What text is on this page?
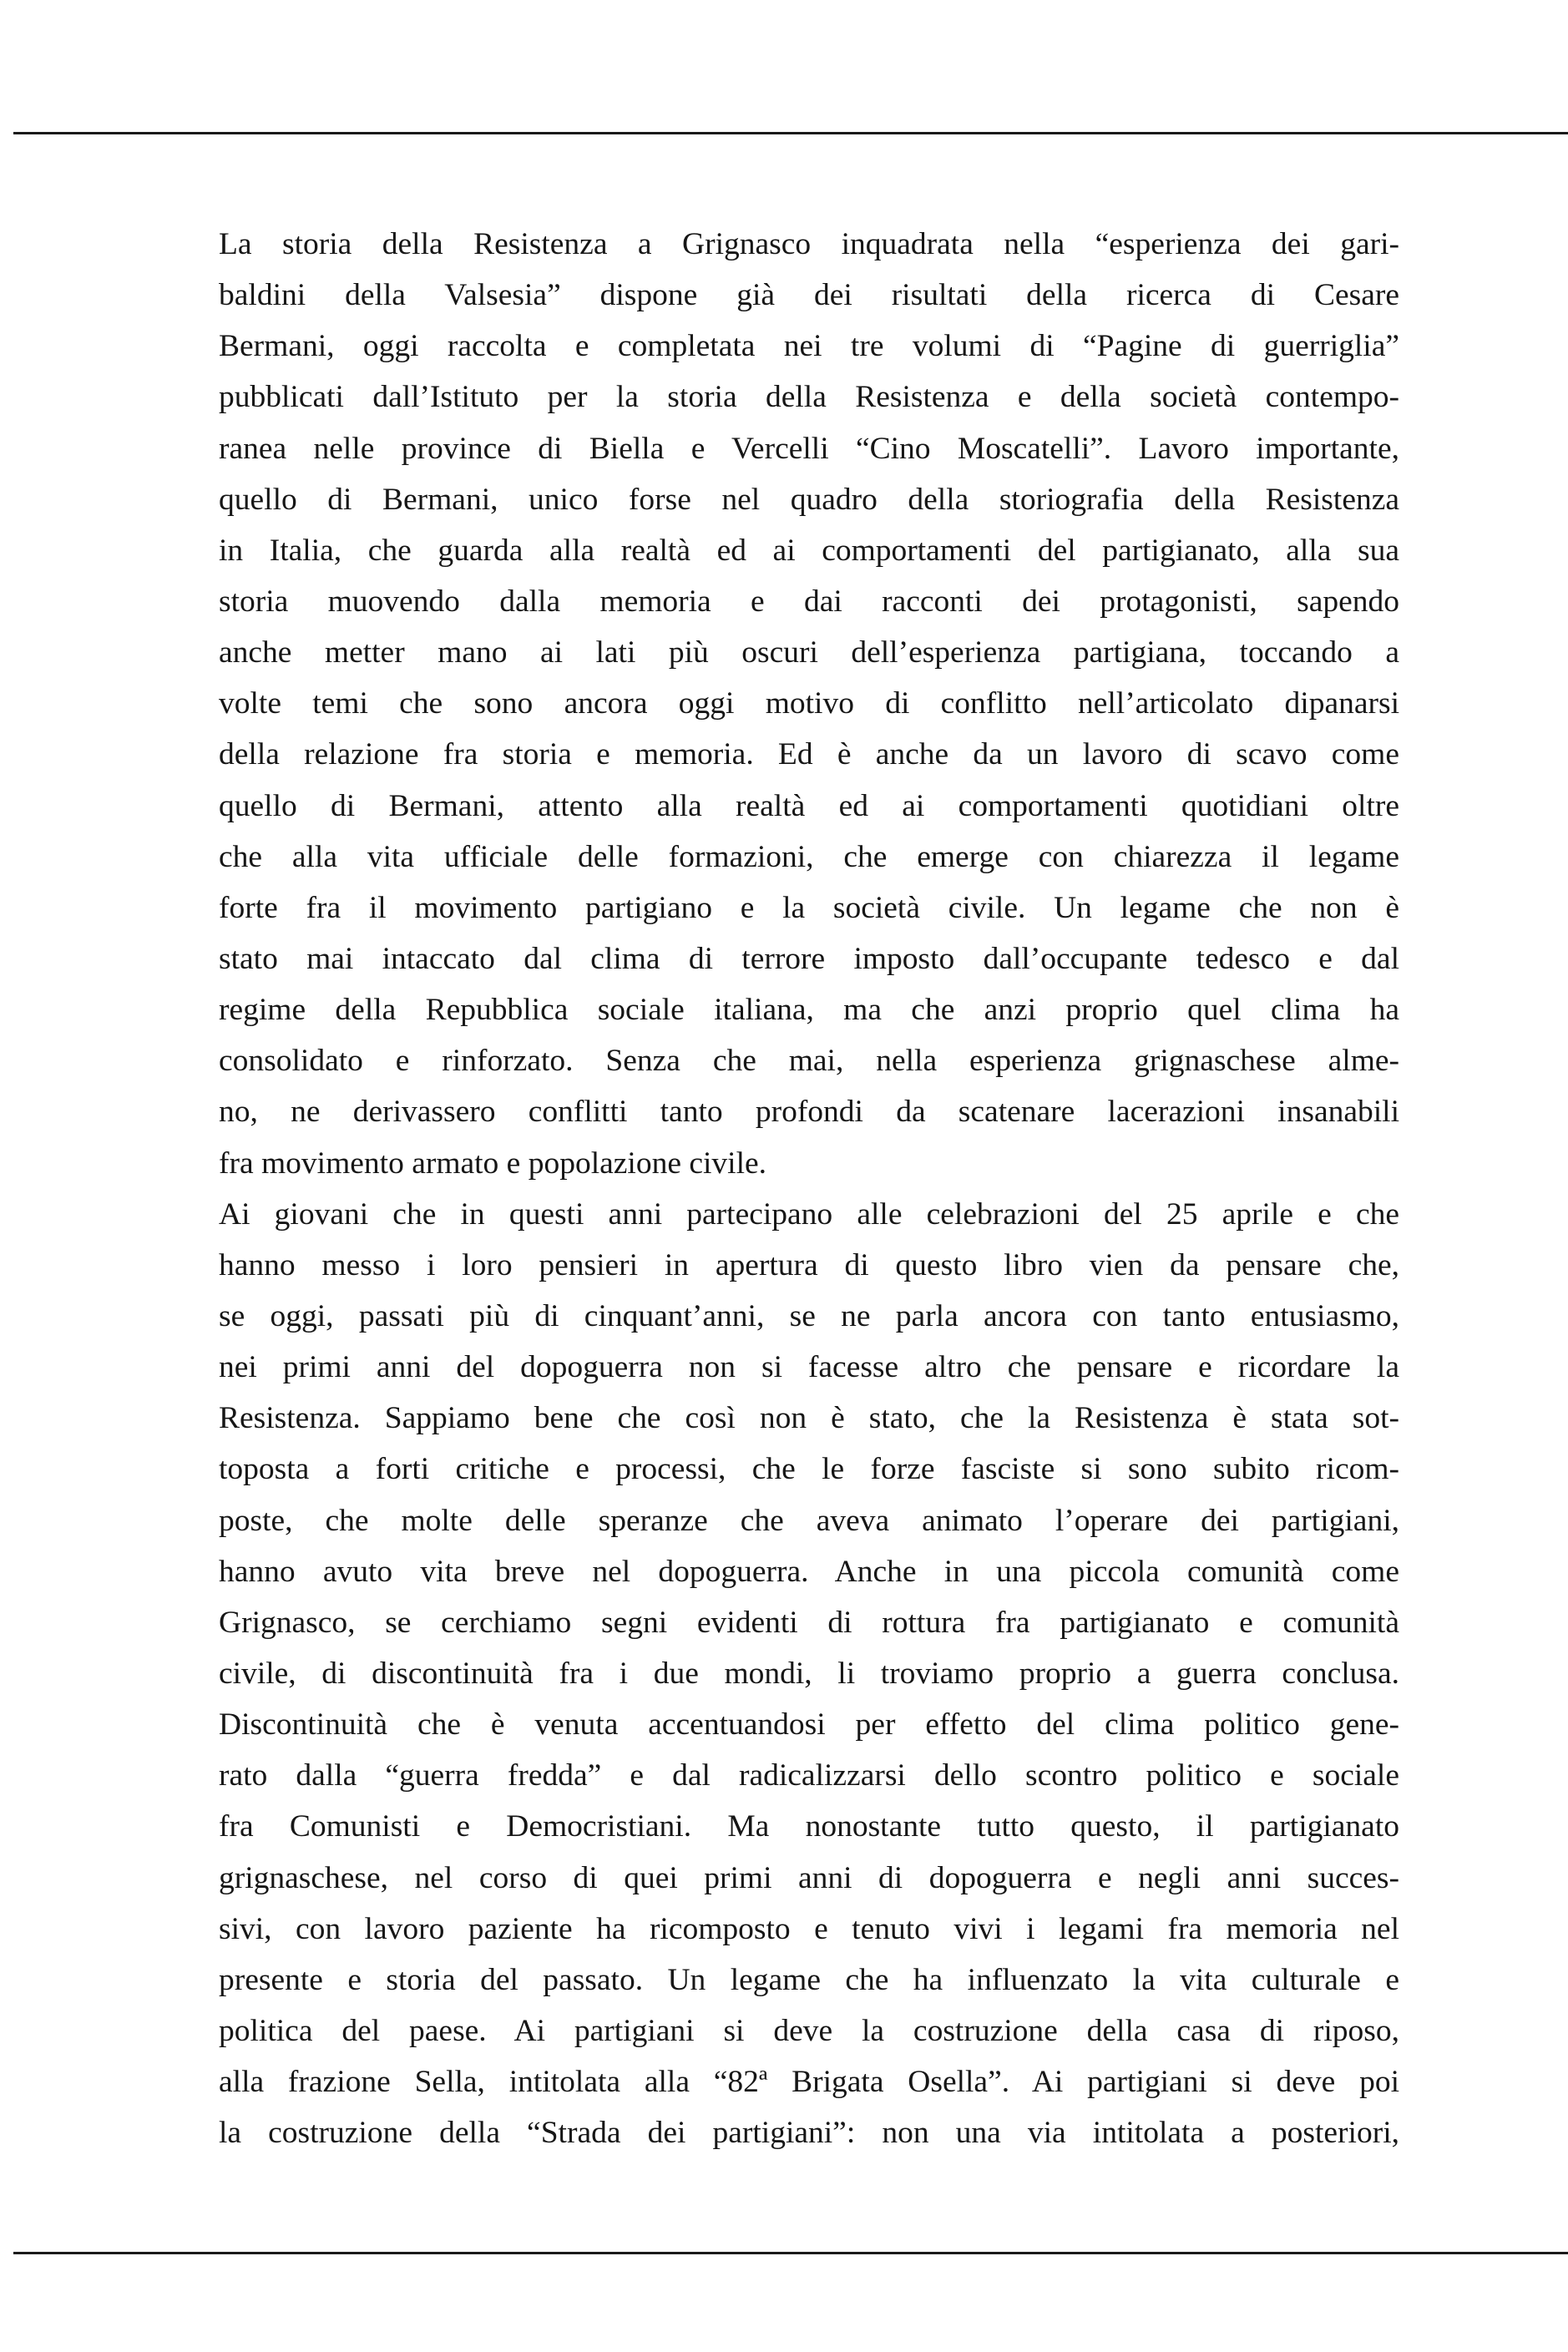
La storia della Resistenza a Grignasco inquadrata nella “esperienza dei gari-
baldini della Valsesia” dispone già dei risultati della ricerca di Cesare
Bermani, oggi raccolta e completata nei tre volumi di “Pagine di guerriglia”
pubblicati dall’Istituto per la storia della Resistenza e della società contempo-
ranea nelle province di Biella e Vercelli “Cino Moscatelli”. Lavoro importante,
quello di Bermani, unico forse nel quadro della storiografia della Resistenza
in Italia, che guarda alla realtà ed ai comportamenti del partigianato, alla sua
storia muovendo dalla memoria e dai racconti dei protagonisti, sapendo
anche metter mano ai lati più oscuri dell’esperienza partigiana, toccando a
volte temi che sono ancora oggi motivo di conflitto nell’articolato dipanarsi
della relazione fra storia e memoria. Ed è anche da un lavoro di scavo come
quello di Bermani, attento alla realtà ed ai comportamenti quotidiani oltre
che alla vita ufficiale delle formazioni, che emerge con chiarezza il legame
forte fra il movimento partigiano e la società civile. Un legame che non è
stato mai intaccato dal clima di terrore imposto dall’occupante tedesco e dal
regime della Repubblica sociale italiana, ma che anzi proprio quel clima ha
consolidato e rinforzato. Senza che mai, nella esperienza grignaschese alme-
no, ne derivassero conflitti tanto profondi da scatenare lacerazioni insanabili
fra movimento armato e popolazione civile.
Ai giovani che in questi anni partecipano alle celebrazioni del 25 aprile e che
hanno messo i loro pensieri in apertura di questo libro vien da pensare che,
se oggi, passati più di cinquant’anni, se ne parla ancora con tanto entusiasmo,
nei primi anni del dopoguerra non si facesse altro che pensare e ricordare la
Resistenza. Sappiamo bene che così non è stato, che la Resistenza è stata sot-
toposta a forti critiche e processi, che le forze fasciste si sono subito ricom-
poste, che molte delle speranze che aveva animato l’operare dei partigiani,
hanno avuto vita breve nel dopoguerra. Anche in una piccola comunità come
Grignasco, se cerchiamo segni evidenti di rottura fra partigianato e comunità
civile, di discontinuità fra i due mondi, li troviamo proprio a guerra conclusa.
Discontinuità che è venuta accentuandosi per effetto del clima politico gene-
rato dalla “guerra fredda” e dal radicalizzarsi dello scontro politico e sociale
fra Comunisti e Democristiani. Ma nonostante tutto questo, il partigianato
grignaschese, nel corso di quei primi anni di dopoguerra e negli anni succes-
sivi, con lavoro paziente ha ricomposto e tenuto vivi i legami fra memoria nel
presente e storia del passato. Un legame che ha influenzato la vita culturale e
politica del paese. Ai partigiani si deve la costruzione della casa di riposo,
alla frazione Sella, intitolata alla “82ª Brigata Osella”. Ai partigiani si deve poi
la costruzione della “Strada dei partigiani”: non una via intitolata a posteriori,
